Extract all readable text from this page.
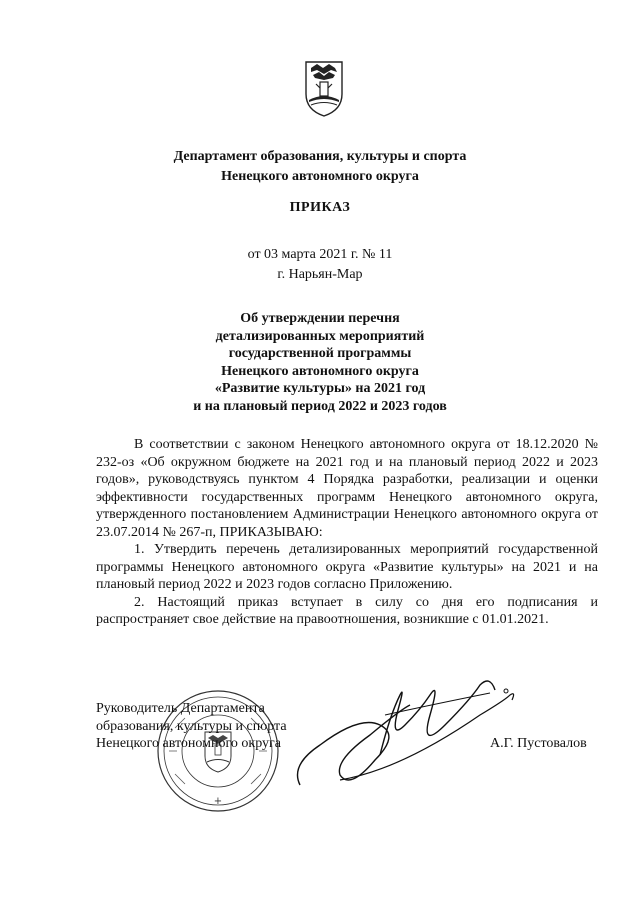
Департамент образования, культуры и спорта
Ненецкого автономного округа
ПРИКАЗ
от 03 марта 2021 г. № 11
г. Нарьян-Мар
Об утверждении перечня
детализированных мероприятий
государственной программы
Ненецкого автономного округа
«Развитие культуры» на 2021 год
и на плановый период 2022 и 2023 годов

В соответствии с законом Ненецкого автономного округа от 18.12.2020 № 232-оз «Об окружном бюджете на 2021 год и на плановый период 2022 и 2023 годов», руководствуясь пунктом 4 Порядка разработки, реализации и оценки эффективности государственных программ Ненецкого автономного округа, утвержденного постановлением Администрации Ненецкого автономного округа от 23.07.2014 № 267-п, ПРИКАЗЫВАЮ:

1. Утвердить перечень детализированных мероприятий государственной программы Ненецкого автономного округа «Развитие культуры» на 2021 и на плановый период 2022 и 2023 годов согласно Приложению.

2. Настоящий приказ вступает в силу со дня его подписания и распространяет свое действие на правоотношения, возникшие с 01.01.2021.

+
Руководитель Департамента
образования, культуры и спорта
Ненецкого автономного округа	А.Г. Пустовалов
